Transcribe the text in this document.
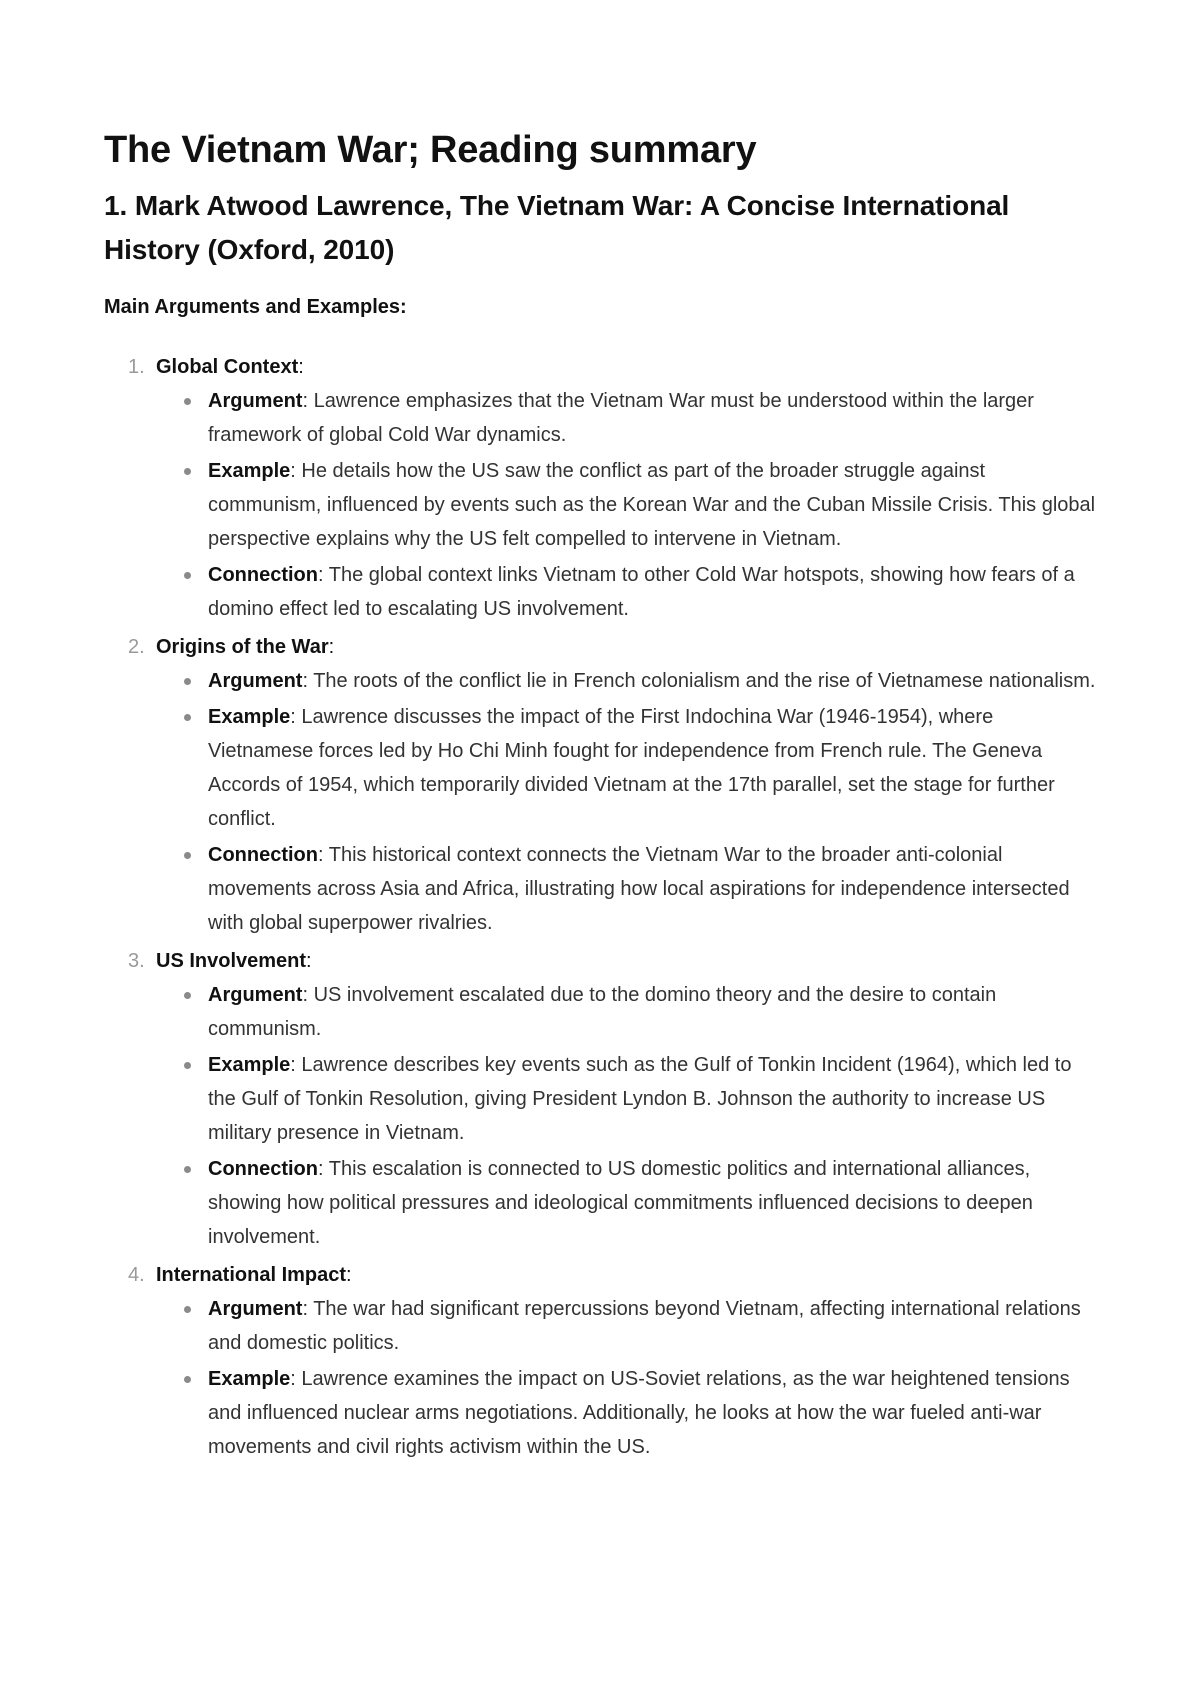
The Vietnam War; Reading summary
1. Mark Atwood Lawrence, The Vietnam War: A Concise International History (Oxford, 2010)
Main Arguments and Examples:
1. Global Context:
Argument: Lawrence emphasizes that the Vietnam War must be understood within the larger framework of global Cold War dynamics.
Example: He details how the US saw the conflict as part of the broader struggle against communism, influenced by events such as the Korean War and the Cuban Missile Crisis. This global perspective explains why the US felt compelled to intervene in Vietnam.
Connection: The global context links Vietnam to other Cold War hotspots, showing how fears of a domino effect led to escalating US involvement.
2. Origins of the War:
Argument: The roots of the conflict lie in French colonialism and the rise of Vietnamese nationalism.
Example: Lawrence discusses the impact of the First Indochina War (1946-1954), where Vietnamese forces led by Ho Chi Minh fought for independence from French rule. The Geneva Accords of 1954, which temporarily divided Vietnam at the 17th parallel, set the stage for further conflict.
Connection: This historical context connects the Vietnam War to the broader anti-colonial movements across Asia and Africa, illustrating how local aspirations for independence intersected with global superpower rivalries.
3. US Involvement:
Argument: US involvement escalated due to the domino theory and the desire to contain communism.
Example: Lawrence describes key events such as the Gulf of Tonkin Incident (1964), which led to the Gulf of Tonkin Resolution, giving President Lyndon B. Johnson the authority to increase US military presence in Vietnam.
Connection: This escalation is connected to US domestic politics and international alliances, showing how political pressures and ideological commitments influenced decisions to deepen involvement.
4. International Impact:
Argument: The war had significant repercussions beyond Vietnam, affecting international relations and domestic politics.
Example: Lawrence examines the impact on US-Soviet relations, as the war heightened tensions and influenced nuclear arms negotiations. Additionally, he looks at how the war fueled anti-war movements and civil rights activism within the US.
